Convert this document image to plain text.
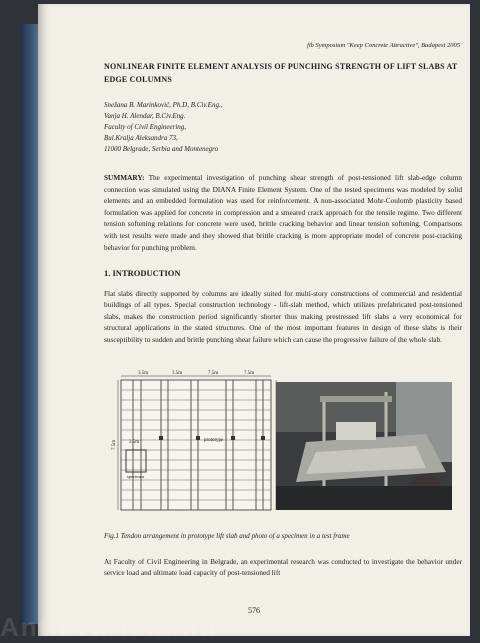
fib Symposium "Keep Concrete Attractive", Budapest 2005
NONLINEAR FINITE ELEMENT ANALYSIS OF PUNCHING STRENGTH OF LIFT SLABS AT EDGE COLUMNS
Snežana B. Marinković, Ph.D, B.Civ.Eng.,
Vanja H. Alendar, B.Civ.Eng.
Faculty of Civil Engineering,
Bul.Kralja Aleksandra 73,
11000 Belgrade, Serbia and Montenegro

SUMMARY: The experimental investigation of punching shear strength of post-tensioned lift slab-edge column connection was simulated using the DIANA Finite Element System. One of the tested specimens was modeled by solid elements and an embedded formulation was used for reinforcement. A non-associated Mohr-Coulomb plasticity based formulation was applied for concrete in compression and a smeared crack approach for the tensile regime. Two different tension softening relations for concrete were used, brittle cracking behavior and linear tension softening. Comparisons with test results were made and they showed that brittle cracking is more appropriate model of concrete post-cracking behavior for punching problem.

1. INTRODUCTION

Flat slabs directly supported by columns are ideally suited for multi-story constructions of commercial and residential buildings of all types. Special construction technology - lift-slab method, which utilizes prefabricated post-tensioned slabs, makes the construction period significantly shorter thus making prestressed lift slabs a very economical for structural applications in the stated structures. One of the most important features in design of these slabs is their susceptibility to sudden and brittle punching shear failure which can cause the progressive failure of the whole slab.

3.5m	3.5m	7.5m	7.5m
7.5m 3.5m	prototype
specimen
Fig.1 Tendon arrangement in prototype lift slab and photo of a specimen in a test frame

At Faculty of Civil Engineering in Belgrade, an experimental research was conducted to investigate the behavior under service load and ultimate load capacity of post-tensioned lift

576
Antikvárium.hu
